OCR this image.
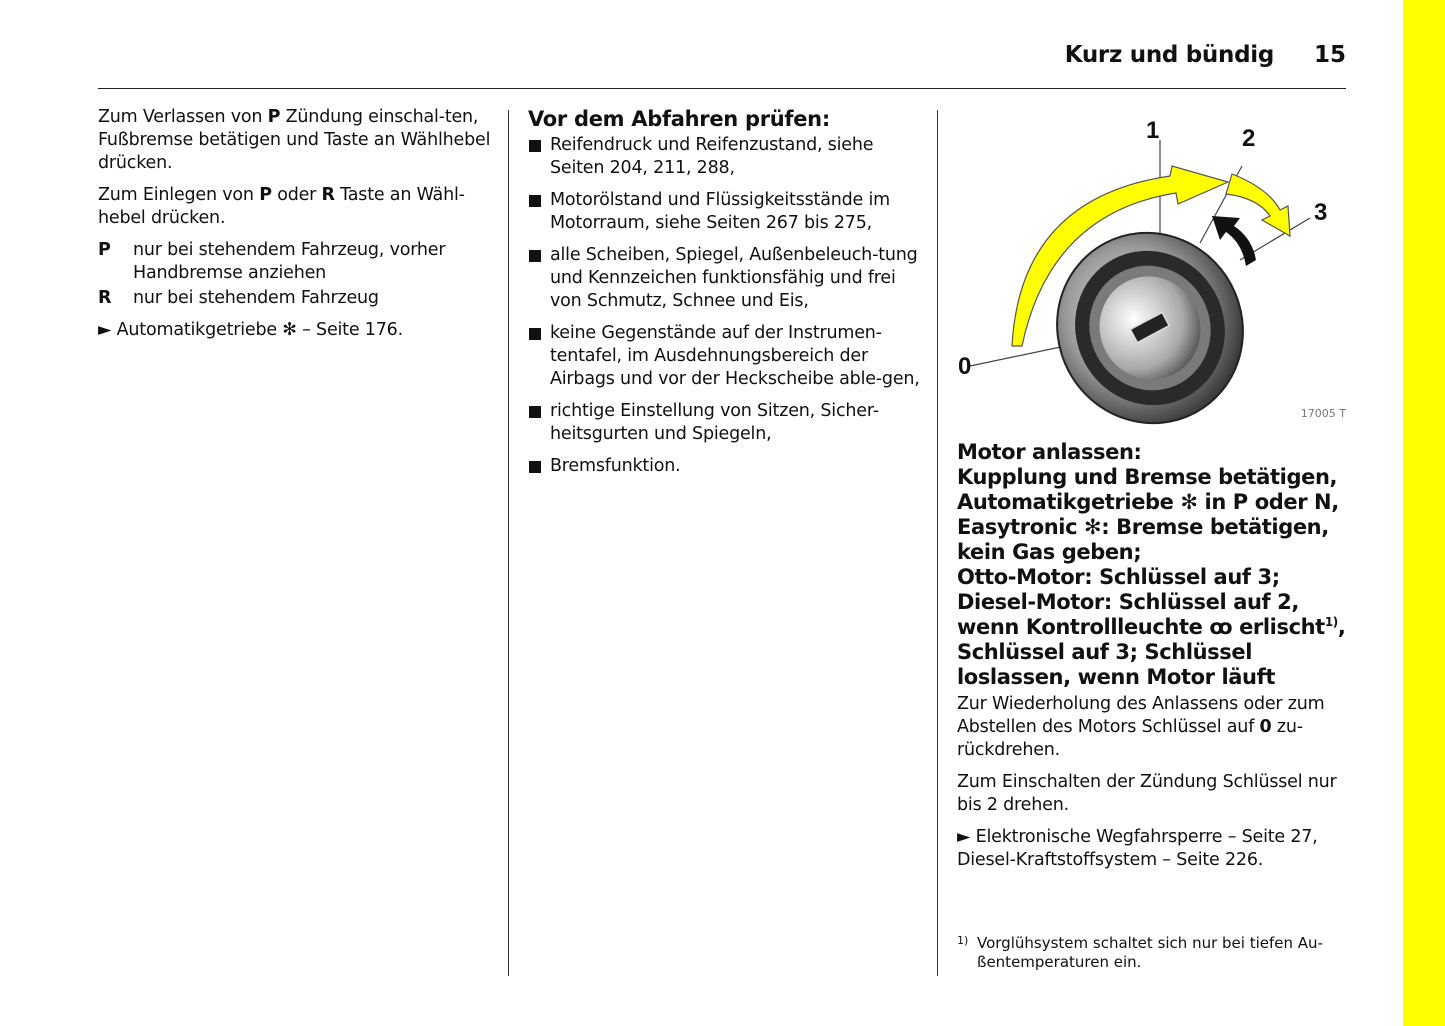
Kurz und bündig	15

Zum Verlassen von P Zündung einschal-ten, Fußbremse betätigen und Taste an Wählhebel drücken.

Zum Einlegen von P oder R Taste an Wähl-hebel drücken.

P	nur bei stehendem Fahrzeug, vorher Handbremse anziehen
R	nur bei stehendem Fahrzeug

► Automatikgetriebe ✻ – Seite 176.

Vor dem Abfahren prüfen:
Reifendruck und Reifenzustand, siehe Seiten 204, 211, 288,
Motorölstand und Flüssigkeitsstände im Motorraum, siehe Seiten 267 bis 275,
alle Scheiben, Spiegel, Außenbeleuch-tung und Kennzeichen funktionsfähig und frei von Schmutz, Schnee und Eis,
keine Gegenstände auf der Instrumen-tentafel, im Ausdehnungsbereich der Airbags und vor der Heckscheibe able-gen,
richtige Einstellung von Sitzen, Sicher-heitsgurten und Spiegeln,
Bremsfunktion.
0
1	2
3
17005 T
Motor anlassen:
Kupplung und Bremse betätigen,
Automatikgetriebe ✻ in P oder N,
Easytronic ✻: Bremse betätigen,
kein Gas geben;
Otto-Motor: Schlüssel auf 3;
Diesel-Motor: Schlüssel auf 2,
wenn Kontrollleuchte ꝏ erlischt$^{1)}$,
Schlüssel auf 3; Schlüssel
loslassen, wenn Motor läuft

Zur Wiederholung des Anlassens oder zum Abstellen des Motors Schlüssel auf 0 zu-rückdrehen.

Zum Einschalten der Zündung Schlüssel nur bis 2 drehen.

► Elektronische Wegfahrsperre – Seite 27, Diesel-Kraftstoffsystem – Seite 226.

1) Vorglühsystem schaltet sich nur bei tiefen Au-ßentemperaturen ein.
